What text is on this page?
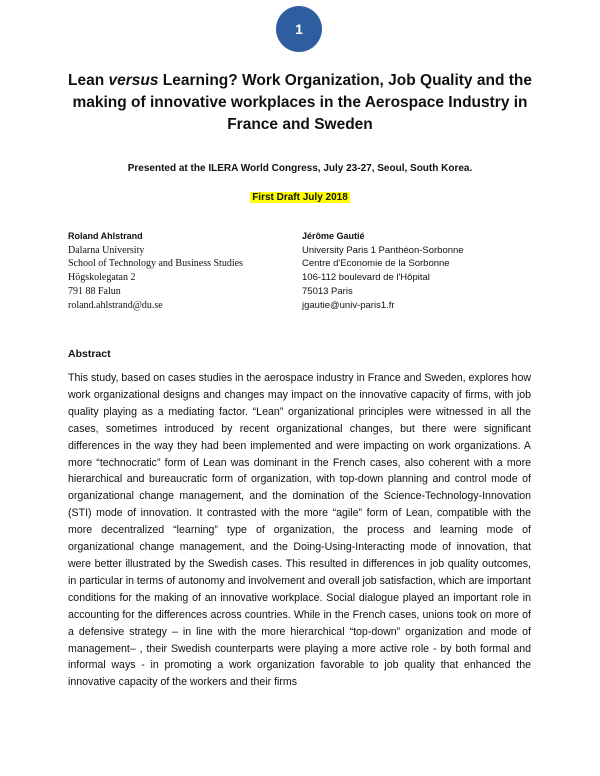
1
Lean versus Learning? Work Organization, Job Quality and the making of innovative workplaces in the Aerospace Industry in France and Sweden
Presented at the ILERA World Congress, July 23-27, Seoul, South Korea.
First Draft July 2018
Roland Ahlstrand
Dalarna University
School of Technology and Business Studies
Högskolegatan 2
791 88 Falun
roland.ahlstrand@du.se
Jérôme Gautié
University Paris 1 Panthéon-Sorbonne
Centre d'Economie de la Sorbonne
106-112 boulevard de l'Hôpital
75013 Paris
jgautie@univ-paris1.fr
Abstract

This study, based on cases studies in the aerospace industry in France and Sweden, explores how work organizational designs and changes may impact on the innovative capacity of firms, with job quality playing as a mediating factor. “Lean” organizational principles were witnessed in all the cases, sometimes introduced by recent organizational changes, but there were significant differences in the way they had been implemented and were impacting on work organizations. A more “technocratic” form of Lean was dominant in the French cases, also coherent with a more hierarchical and bureaucratic form of organization, with top-down planning and control mode of organizational change management, and the domination of the Science-Technology-Innovation (STI) mode of innovation. It contrasted with the more “agile” form of Lean, compatible with the more decentralized “learning” type of organization, the process and learning mode of organizational change management, and the Doing-Using-Interacting mode of innovation, that were better illustrated by the Swedish cases. This resulted in differences in job quality outcomes, in particular in terms of autonomy and involvement and overall job satisfaction, which are important conditions for the making of an innovative workplace. Social dialogue played an important role in accounting for the differences across countries. While in the French cases, unions took on more of a defensive strategy – in line with the more hierarchical “top-down” organization and mode of management– , their Swedish counterparts were playing a more active role - by both formal and informal ways - in promoting a work organization favorable to job quality that enhanced the innovative capacity of the workers and their firms
